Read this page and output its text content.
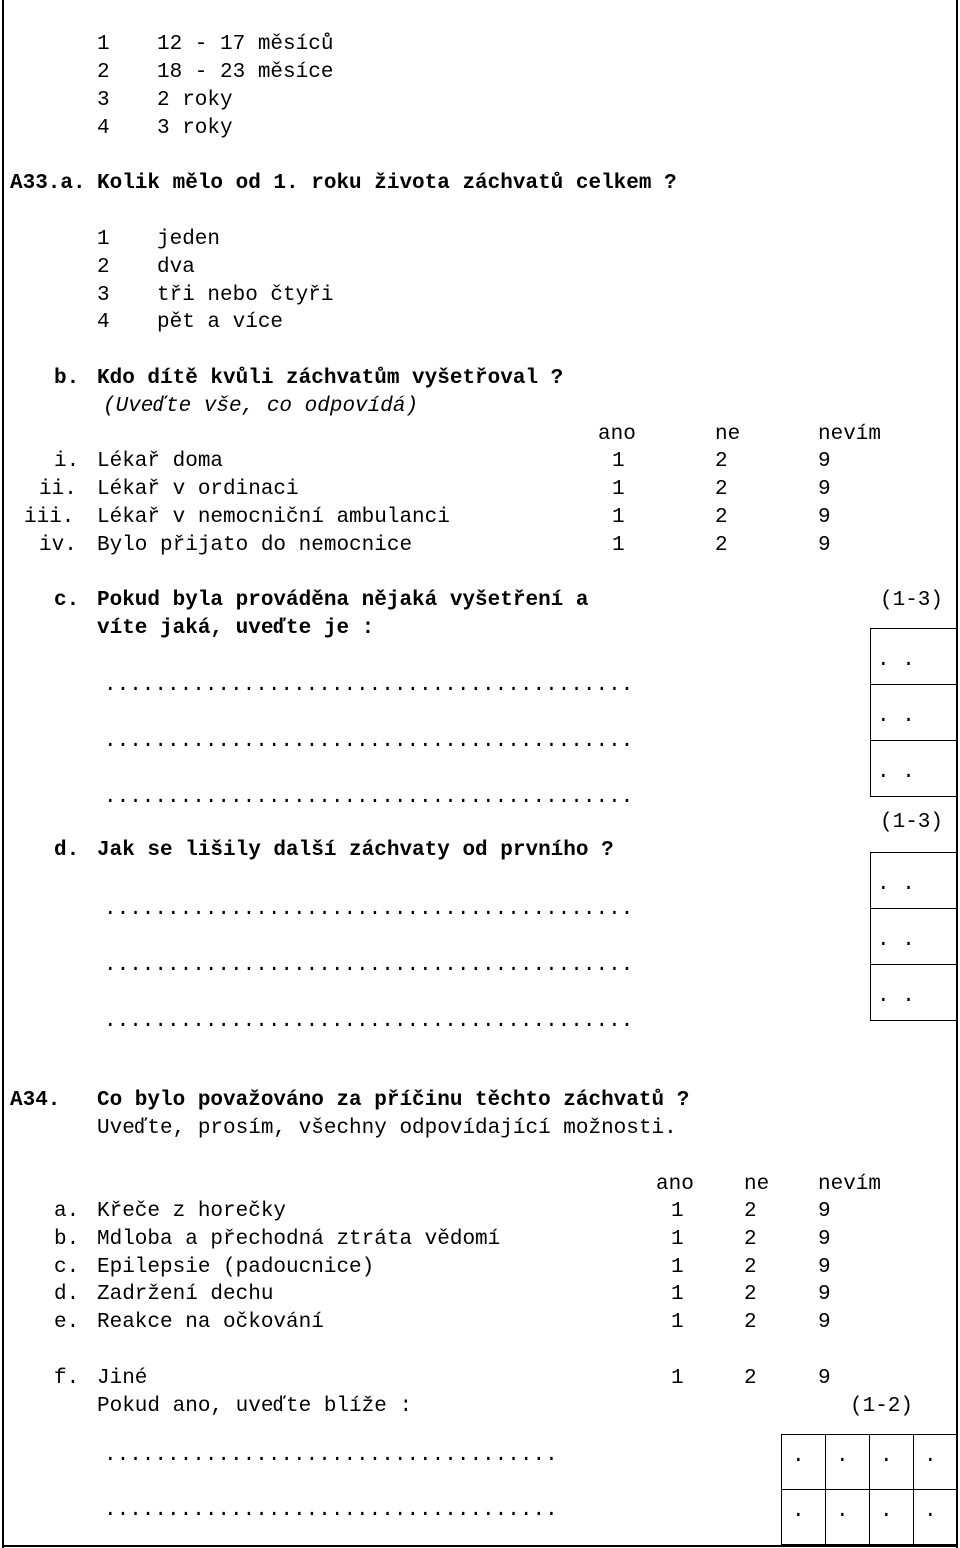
1 12 - 17 měsíců
2 18 - 23 měsíce
3 2 roky
4 3 roky
A33.a. Kolik mělo od 1. roku života záchvatů celkem ?
1 jeden
2 dva
3 tři nebo čtyři
4 pět a více
b. Kdo dítě kvůli záchvatům vyšetřoval ?
(Uveďte vše, co odpovídá)
ano	ne	nevím
i. Lékař doma	1	2	9
ii. Lékař v ordinaci	1	2	9
iii. Lékař v nemocniční ambulanci	1	2	9
iv. Bylo přijato do nemocnice	1	2	9
c. Pokud byla prováděna nějaká vyšetření a	(1-3)
víte jaká, uveďte je :
. .
. .
. .
..........................................
..........................................
..........................................
(1-3)
d. Jak se lišily další záchvaty od prvního ?
. .
. .
. .
..........................................
..........................................
..........................................
A34. Co bylo považováno za příčinu těchto záchvatů ?
Uveďte, prosím, všechny odpovídající možnosti.
ano ne nevím
a. Křeče z horečky	1	2	9
b. Mdloba a přechodná ztráta vědomí	1	2	9
c. Epilepsie (padoucnice)	1	2	9
d. Zadržení dechu	1	2	9
e. Reakce na očkování	1	2	9
f. Jiné	1	2	9
Pokud ano, uveďte blíže :	(1-2)
....................................
....................................
. . . .
. . . .
